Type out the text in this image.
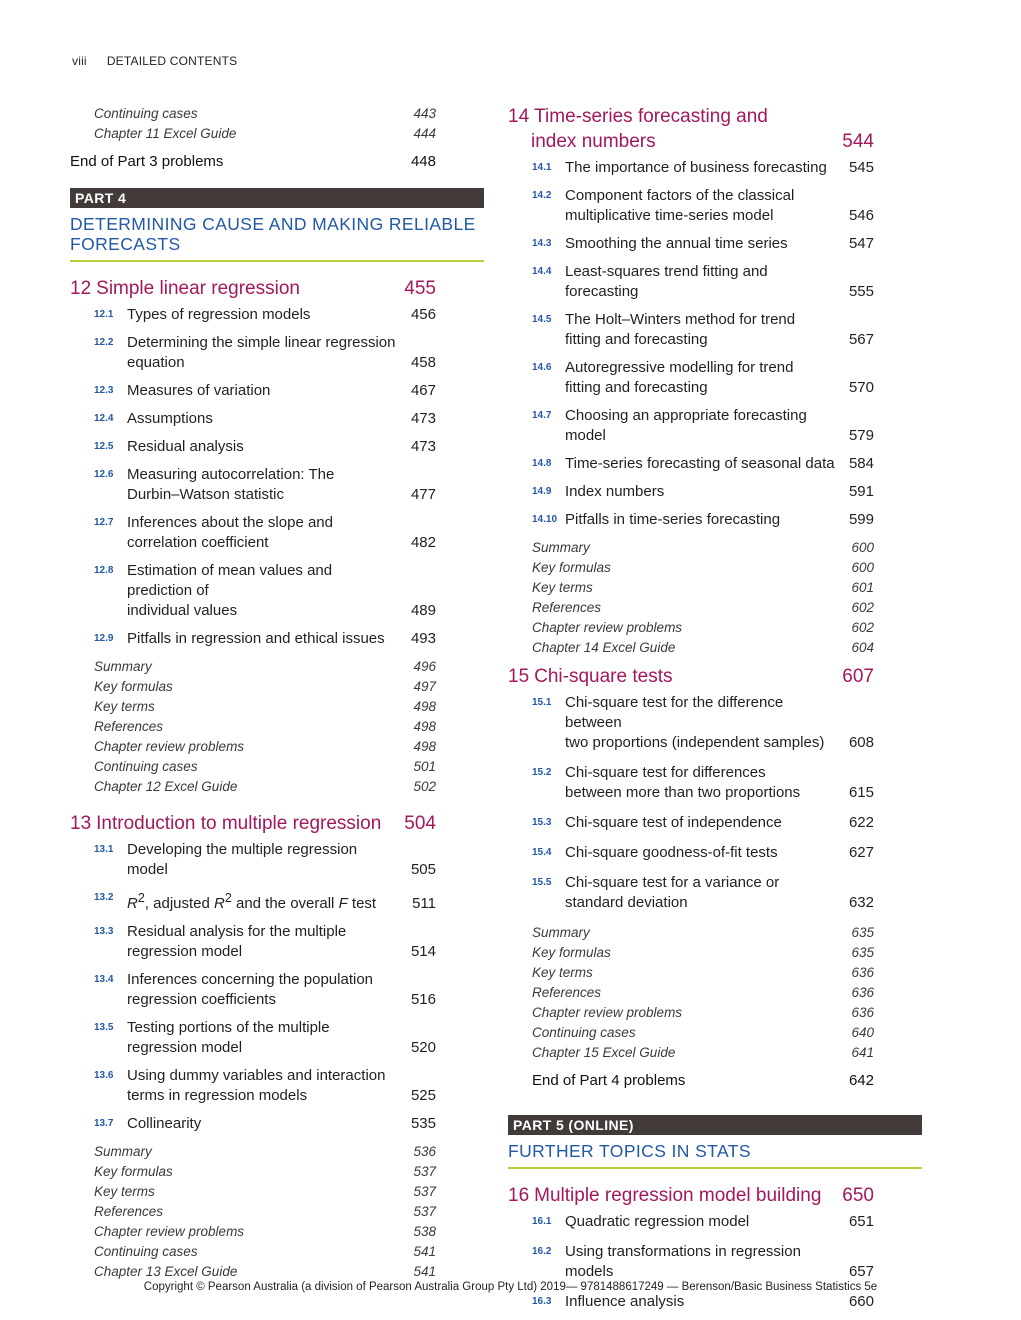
viii DETAILED CONTENTS
Continuing cases	443
Chapter 11 Excel Guide	444
End of Part 3 problems	448
PART 4
DETERMINING CAUSE AND MAKING RELIABLE FORECASTS
12 Simple linear regression	455
12.1 Types of regression models	456
12.2 Determining the simple linear regression
equation	458
12.3 Measures of variation	467
12.4 Assumptions	473
12.5 Residual analysis	473
12.6 Measuring autocorrelation: The
Durbin–Watson statistic	477
12.7 Inferences about the slope and
correlation coefficient	482
12.8 Estimation of mean values and prediction of
individual values	489
12.9 Pitfalls in regression and ethical issues	493
Summary	496
Key formulas	497
Key terms	498
References	498
Chapter review problems	498
Continuing cases	501
Chapter 12 Excel Guide	502
13 Introduction to multiple regression 504
13.1 Developing the multiple regression model	505
13.2 $R^2$, adjusted $R^2$ and the overall F test	511
13.3 Residual analysis for the multiple
regression model	514
13.4 Inferences concerning the population
regression coefficients	516
13.5 Testing portions of the multiple
regression model	520
13.6 Using dummy variables and interaction
terms in regression models	525
13.7 Collinearity	535
Summary	536
Key formulas	537
Key terms	537
References	537
Chapter review problems	538
Continuing cases	541
Chapter 13 Excel Guide	541
14 Time-series forecasting and
index numbers	544
14.1 The importance of business forecasting	545
14.2 Component factors of the classical
multiplicative time-series model	546
14.3 Smoothing the annual time series	547
14.4 Least-squares trend fitting and forecasting	555
14.5 The Holt–Winters method for trend
fitting and forecasting	567
14.6 Autoregressive modelling for trend
fitting and forecasting	570
14.7 Choosing an appropriate forecasting model	579
14.8 Time-series forecasting of seasonal data 584
14.9 Index numbers	591
14.10 Pitfalls in time-series forecasting	599
Summary	600
Key formulas	600
Key terms	601
References	602
Chapter review problems	602
Chapter 14 Excel Guide	604
15 Chi-square tests	607
15.1 Chi-square test for the difference between
two proportions (independent samples)	608
15.2 Chi-square test for differences
between more than two proportions	615
15.3 Chi-square test of independence	622
15.4 Chi-square goodness-of-fit tests	627
15.5 Chi-square test for a variance or
standard deviation	632
Summary	635
Key formulas	635
Key terms	636
References	636
Chapter review problems	636
Continuing cases	640
Chapter 15 Excel Guide	641
End of Part 4 problems	642
PART 5 (ONLINE)
FURTHER TOPICS IN STATS
16 Multiple regression model building 650
16.1 Quadratic regression model	651
16.2 Using transformations in regression models	657
16.3 Influence analysis	660
Copyright © Pearson Australia (a division of Pearson Australia Group Pty Ltd) 2019— 9781488617249 — Berenson/Basic Business Statistics 5e
